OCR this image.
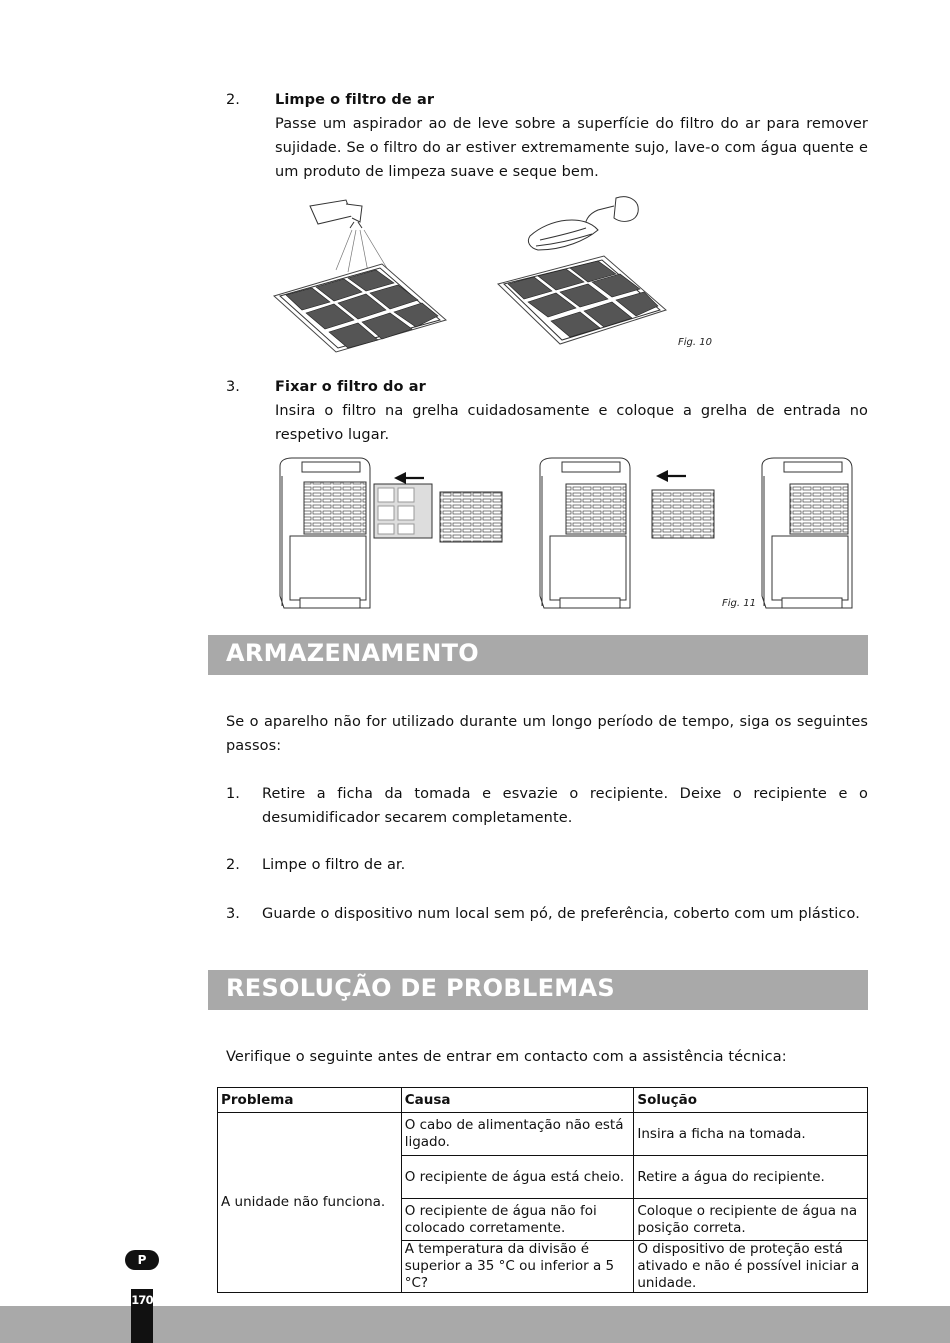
2. Limpe o filtro de ar
Passe um aspirador ao de leve sobre a superfície do filtro do ar para remover sujidade. Se o filtro do ar estiver extremamente sujo, lave-o com água quente e um produto de limpeza suave e seque bem.
Fig. 10
3. Fixar o filtro do ar
Insira o filtro na grelha cuidadosamente e coloque a grelha de entrada no respetivo lugar.
Fig. 11
ARMAZENAMENTO
Se o aparelho não for utilizado durante um longo período de tempo, siga os seguintes passos:
1. Retire a ficha da tomada e esvazie o recipiente. Deixe o recipiente e o desumidificador secarem completamente.
2. Limpe o filtro de ar.
3. Guarde o dispositivo num local sem pó, de preferência, coberto com um plástico.
RESOLUÇÃO DE PROBLEMAS
Verifique o seguinte antes de entrar em contacto com a assistência técnica:
Problema	Causa	Solução
A unidade não funciona.	O cabo de alimentação não está ligado.	Insira a ficha na tomada.
	O recipiente de água está cheio.	Retire a água do recipiente.
	O recipiente de água não foi colocado corretamente.	Coloque o recipiente de água na posição correta.
	A temperatura da divisão é superior a 35 °C ou inferior a 5 °C?	O dispositivo de proteção está ativado e não é possível iniciar a unidade.
P
170
